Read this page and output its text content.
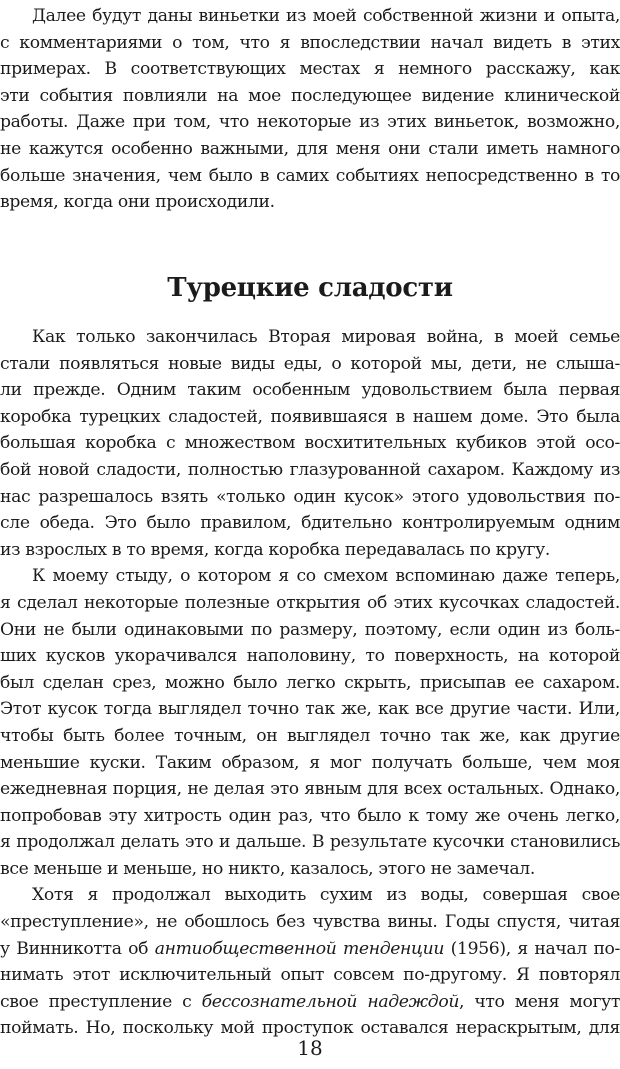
Далее будут даны виньетки из моей собственной жизни и опыта,
с комментариями о том, что я впоследствии начал видеть в этих
примерах. В соответствующих местах я немного расскажу, как
эти события повлияли на мое последующее видение клинической
работы. Даже при том, что некоторые из этих виньеток, возможно,
не кажутся особенно важными, для меня они стали иметь намного
больше значения, чем было в самих событиях непосредственно в то
время, когда они происходили.
Турецкие сладости
Как только закончилась Вторая мировая война, в моей семье
стали появляться новые виды еды, о которой мы, дети, не слыша-
ли прежде. Одним таким особенным удовольствием была первая
коробка турецких сладостей, появившаяся в нашем доме. Это была
большая коробка с множеством восхитительных кубиков этой осо-
бой новой сладости, полностью глазурованной сахаром. Каждому из
нас разрешалось взять «только один кусок» этого удовольствия по-
сле обеда. Это было правилом, бдительно контролируемым одним
из взрослых в то время, когда коробка передавалась по кругу.
К моему стыду, о котором я со смехом вспоминаю даже теперь,
я сделал некоторые полезные открытия об этих кусочках сладостей.
Они не были одинаковыми по размеру, поэтому, если один из боль-
ших кусков укорачивался наполовину, то поверхность, на которой
был сделан срез, можно было легко скрыть, присыпав ее сахаром.
Этот кусок тогда выглядел точно так же, как все другие части. Или,
чтобы быть более точным, он выглядел точно так же, как другие
меньшие куски. Таким образом, я мог получать больше, чем моя
ежедневная порция, не делая это явным для всех остальных. Однако,
попробовав эту хитрость один раз, что было к тому же очень легко,
я продолжал делать это и дальше. В результате кусочки становились
все меньше и меньше, но никто, казалось, этого не замечал.
Хотя я продолжал выходить сухим из воды, совершая свое
«преступление», не обошлось без чувства вины. Годы спустя, читая
у Винникотта об антиобщественной тенденции (1956), я начал по-
нимать этот исключительный опыт совсем по-другому. Я повторял
свое преступление с бессознательной надеждой, что меня могут
поймать. Но, поскольку мой проступок оставался нераскрытым, для
18
